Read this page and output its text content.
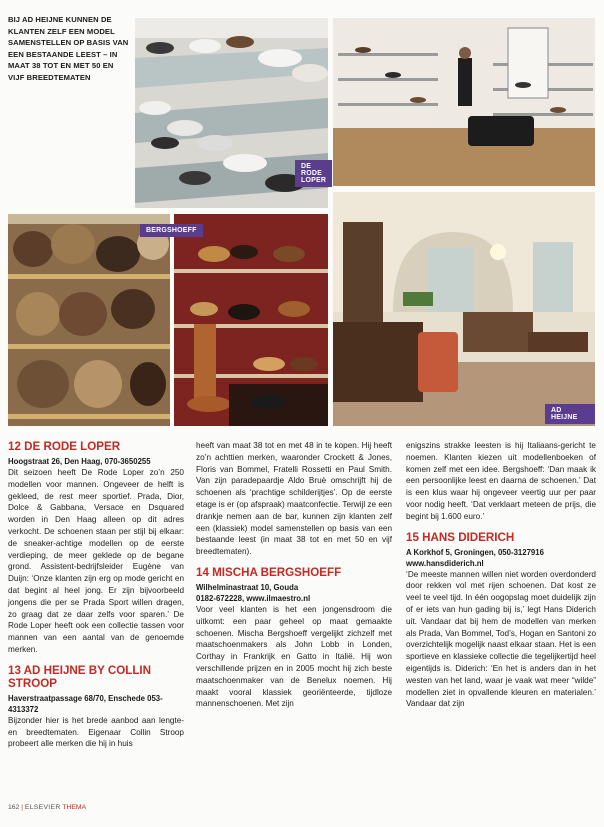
BIJ AD HEIJNE KUNNEN DE KLANTEN ZELF EEN MODEL SAMENSTELLEN OP BASIS VAN EEN BESTAANDE LEEST – IN MAAT 38 TOT EN MET 50 EN VIJF BREEDTEMATEN
DE RODE LOPER
BERGSHOEFF
AD HEIJNE
12 DE RODE LOPER
Hoogstraat 26, Den Haag, 070-3650255

Dit seizoen heeft De Rode Loper zo’n 250 modellen voor mannen. Ongeveer de helft is gekleed, de rest meer sportief. Prada, Dior, Dolce & Gabbana, Versace en Dsquared worden in Den Haag alleen op dit adres verkocht. De schoenen staan per stijl bij elkaar: de sneaker-achtige modellen op de eerste verdieping, de meer geklede op de begane grond. Assistent-bedrijfsleider Eugène van Duijn: ‘Onze klanten zijn erg op mode gericht en dat begint al heel jong. Er zijn bijvoorbeeld jongens die per se Prada Sport willen dragen, zo graag dat ze daar zelfs voor sparen.’ De Rode Loper heeft ook een collectie tassen voor mannen van een aantal van de genoemde merken.

13 AD HEIJNE BY COLLIN STROOP
Haverstraatpassage 68/70, Enschede 053-4313372

Bijzonder hier is het brede aanbod aan lengte- en breedtematen. Eigenaar Collin Stroop probeert alle merken die hij in huis

heeft van maat 38 tot en met 48 in te kopen. Hij heeft zo’n achttien merken, waaronder Crockett & Jones, Floris van Bommel, Fratelli Rossetti en Paul Smith. Van zijn paradepaardje Aldo Bruè omschrijft hij de schoenen als ‘prachtige schilderijtjes’. Op de eerste etage is er (op afspraak) maatconfectie. Terwijl ze een drankje nemen aan de bar, kunnen zijn klanten zelf een (klassiek) model samenstellen op basis van een bestaande leest (in maat 38 tot en met 50 en vijf breedtematen).

14 MISCHA BERGSHOEFF
Wilhelminastraat 10, Gouda
0182-672228, www.ilmaestro.nl

Voor veel klanten is het een jongensdroom die uitkomt: een paar geheel op maat gemaakte schoenen. Mischa Bergshoeff vergelijkt zichzelf met maatschoenmakers als John Lobb in Londen, Corthay in Frankrijk en Gatto in Italië. Hij won verschillende prijzen en in 2005 mocht hij zich beste maatschoenmaker van de Benelux noemen. Hij maakt vooral klassiek georiënteerde, tijdloze mannenschoenen. Met zijn

enigszins strakke leesten is hij Italiaans-gericht te noemen. Klanten kiezen uit modellenboeken of komen zelf met een idee. Bergshoeff: ‘Dan maak ik een persoonlijke leest en daarna de schoenen.’ Dat is een klus waar hij ongeveer veertig uur per paar voor nodig heeft. ‘Dat verklaart meteen de prijs, die begint bij 1.600 euro.’

15 HANS DIDERICH
A Korkhof 5, Groningen, 050-3127916
www.hansdiderich.nl

‘De meeste mannen willen niet worden overdonderd door rekken vol met rijen schoenen. Dat kost ze veel te veel tijd. In één oogopslag moet duidelijk zijn of er iets van hun gading bij is,’ legt Hans Diderich uit. Vandaar dat bij hem de modellen van merken als Prada, Van Bommel, Tod’s, Hogan en Santoni zo overzichtelijk mogelijk naast elkaar staan. Het is een sportieve en klassieke collectie die tegelijkertijd heel eigentijds is. Diderich: ‘En het is anders dan in het westen van het land, waar je vaak wat meer “wilde” modellen ziet in opvallende kleuren en materialen.’ Vandaar dat zijn

162 | ELSEVIER THEMA
